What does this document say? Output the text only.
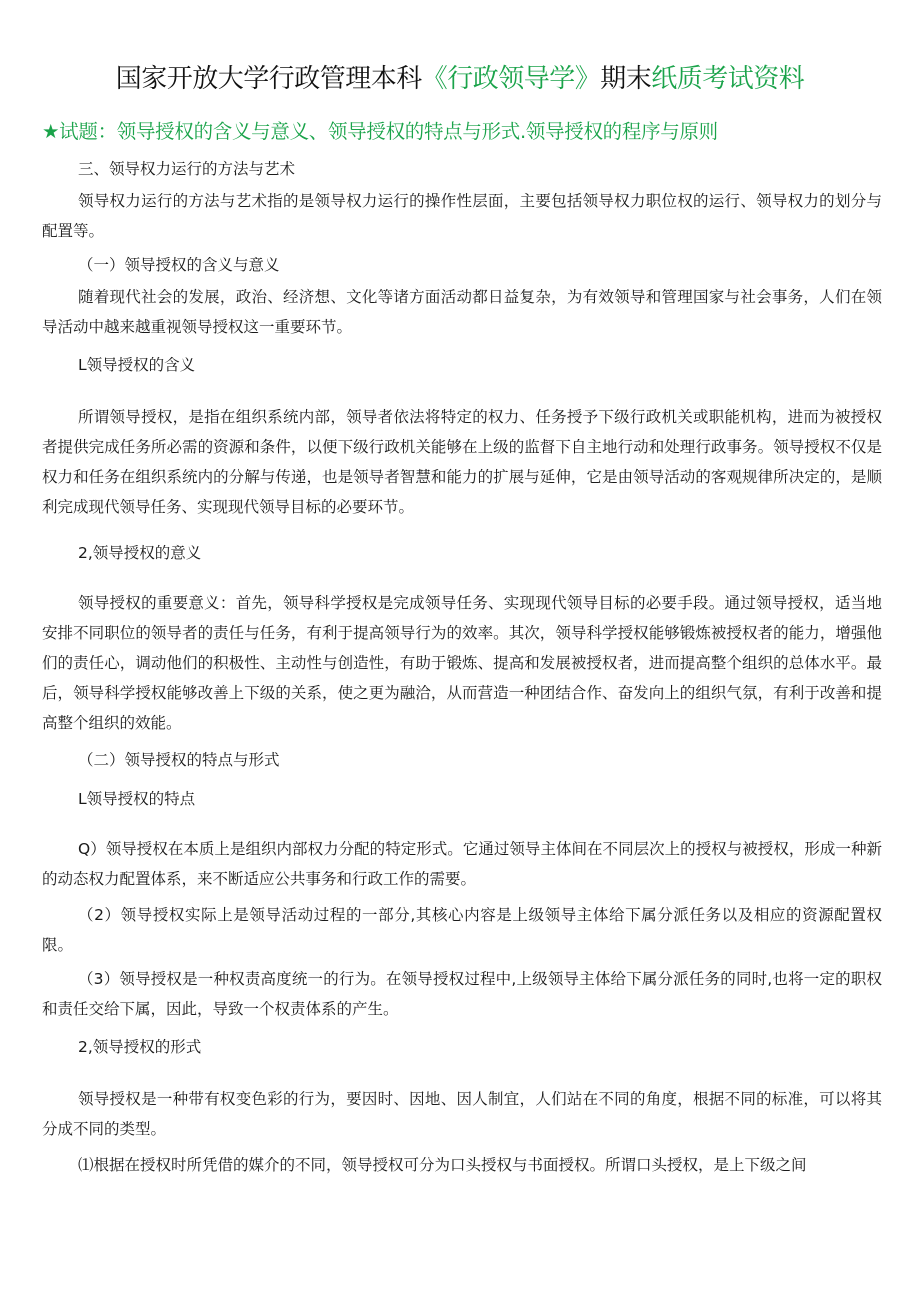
国家开放大学行政管理本科《行政领导学》期末纸质考试资料
★试题：领导授权的含义与意义、领导授权的特点与形式.领导授权的程序与原则
三、领导权力运行的方法与艺术
领导权力运行的方法与艺术指的是领导权力运行的操作性层面，主要包括领导权力职位权的运行、领导权力的划分与配置等。
（一）领导授权的含义与意义
随着现代社会的发展，政治、经济想、文化等诸方面活动都日益复杂，为有效领导和管理国家与社会事务，人们在领导活动中越来越重视领导授权这一重要环节。
L领导授权的含义
所谓领导授权，是指在组织系统内部，领导者依法将特定的权力、任务授予下级行政机关或职能机构，进而为被授权者提供完成任务所必需的资源和条件，以便下级行政机关能够在上级的监督下自主地行动和处理行政事务。领导授权不仅是权力和任务在组织系统内的分解与传递，也是领导者智慧和能力的扩展与延伸，它是由领导活动的客观规律所决定的，是顺利完成现代领导任务、实现现代领导目标的必要环节。
2,领导授权的意义
领导授权的重要意义：首先，领导科学授权是完成领导任务、实现现代领导目标的必要手段。通过领导授权，适当地安排不同职位的领导者的责任与任务，有利于提高领导行为的效率。其次，领导科学授权能够锻炼被授权者的能力，增强他们的责任心，调动他们的积极性、主动性与创造性，有助于锻炼、提高和发展被授权者，进而提高整个组织的总体水平。最后，领导科学授权能够改善上下级的关系，使之更为融洽，从而营造一种团结合作、奋发向上的组织气氛，有利于改善和提高整个组织的效能。
（二）领导授权的特点与形式
L领导授权的特点
Q）领导授权在本质上是组织内部权力分配的特定形式。它通过领导主体间在不同层次上的授权与被授权，形成一种新的动态权力配置体系，来不断适应公共事务和行政工作的需要。
（2）领导授权实际上是领导活动过程的一部分,其核心内容是上级领导主体给下属分派任务以及相应的资源配置权限。
（3）领导授权是一种权责高度统一的行为。在领导授权过程中,上级领导主体给下属分派任务的同时,也将一定的职权和责任交给下属，因此，导致一个权责体系的产生。
2,领导授权的形式
领导授权是一种带有权变色彩的行为，要因时、因地、因人制宜，人们站在不同的角度，根据不同的标准，可以将其分成不同的类型。
⑴根据在授权时所凭借的媒介的不同，领导授权可分为口头授权与书面授权。所谓口头授权，是上下级之间
